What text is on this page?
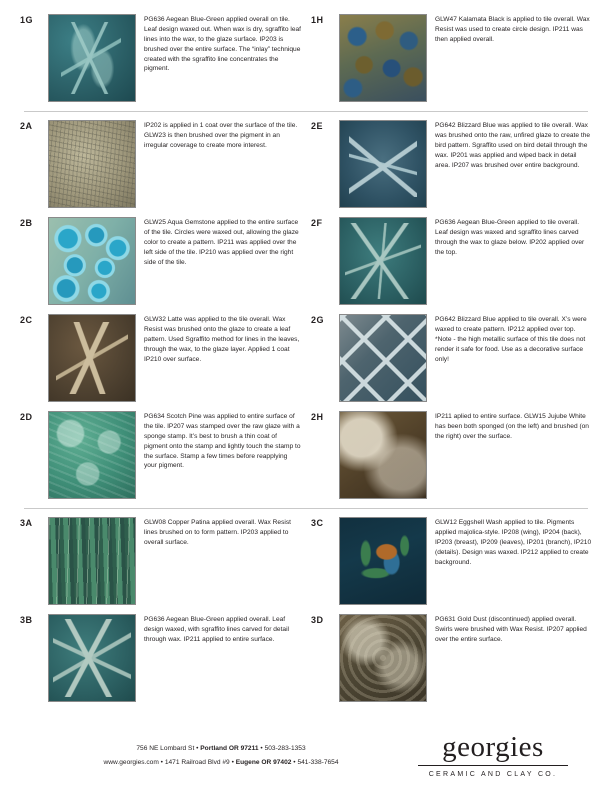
1G	PG636 Aegean Blue-Green applied overall on tile. Leaf design waxed out. When wax is dry, sgraffito leaf lines into the wax, to the glaze surface. IP203 is brushed over the entire surface. The “inlay” technique created with the sgraffito line concentrates the pigment.
1H	GLW47 Kalamata Black is applied to tile overall. Wax Resist was used to create circle design. IP211 was then applied overall.
2A	IP202 is applied in 1 coat over the surface of the tile. GLW23 is then brushed over the pigment in an irregular coverage to create more interest.
2E	PG642 Blizzard Blue was applied to tile overall. Wax was brushed onto the raw, unfired glaze to create the bird pattern. Sgraffito used on bird detail through the wax. IP201 was applied and wiped back in detail area. IP207 was brushed over entire background.
2B	GLW25 Aqua Gemstone applied to the entire surface of the tile. Circles were waxed out, allowing the glaze color to create a pattern. IP211 was applied over the left side of the tile. IP210 was applied over the right side of the tile.
2F	PG636 Aegean Blue-Green applied to tile overall. Leaf design was waxed and sgraffito lines carved through the wax to glaze below. IP202 applied over the top.
2C	GLW32 Latte was applied to the tile overall. Wax Resist was brushed onto the glaze to create a leaf pattern. Used Sgraffito method for lines in the leaves, through the wax, to the glaze layer. Applied 1 coat IP210 over surface.
2G	PG642 Blizzard Blue applied to tile overall. X’s were waxed to create pattern. IP212 applied over top. *Note - the high metallic surface of this tile does not render it safe for food. Use as a decorative surface only!
2D	PG634 Scotch Pine was applied to entire surface of the tile. IP207 was stamped over the raw glaze with a sponge stamp. It’s best to brush a thin coat of pigment onto the stamp and lightly touch the stamp to the surface. Stamp a few times before reapplying your pigment.
2H	IP211 aplied to entire surface. GLW15 Jujube White has been both sponged (on the left) and brushed (on the right) over the surface.
3A	GLW08 Copper Patina applied overall. Wax Resist lines brushed on to form pattern. IP203 applied to overall surface.
3C	GLW12 Eggshell Wash applied to tile. Pigments applied majolica-style. IP208 (wing), IP204 (back), IP203 (breast), IP209 (leaves), IP201 (branch), IP210 (details). Design was waxed. IP212 applied to create background.
3B	PG636 Aegean Blue-Green applied overall. Leaf design waxed, with sgraffito lines carved for detail through wax. IP211 applied to entire surface.
3D	PG631 Gold Dust (discontinued) applied overall. Swirls were brushed with Wax Resist. IP207 applied over the entire surface.
756 NE Lombard St • Portland OR 97211 • 503-283-1353
www.georgies.com • 1471 Railroad Blvd #9 • Eugene OR 97402 • 541-338-7654	georgies
CERAMIC AND CLAY CO.
